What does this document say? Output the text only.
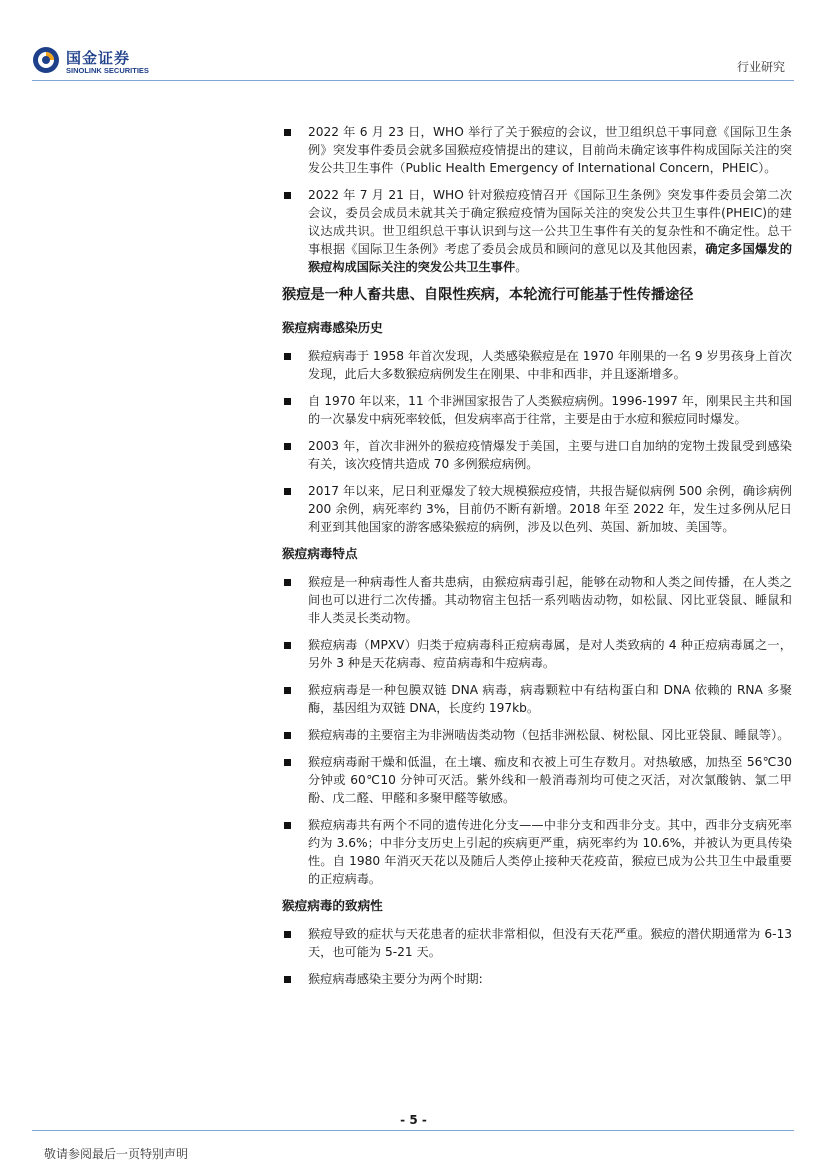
国金证券
SINOLINK SECURITIES	行业研究
2022 年 6 月 23 日，WHO 举行了关于猴痘的会议，世卫组织总干事同意《国际卫生条例》突发事件委员会就多国猴痘疫情提出的建议，目前尚未确定该事件构成国际关注的突发公共卫生事件（Public Health Emergency of International Concern，PHEIC）。
2022 年 7 月 21 日，WHO 针对猴痘疫情召开《国际卫生条例》突发事件委员会第二次会议，委员会成员未就其关于确定猴痘疫情为国际关注的突发公共卫生事件(PHEIC)的建议达成共识。世卫组织总干事认识到与这一公共卫生事件有关的复杂性和不确定性。总干事根据《国际卫生条例》考虑了委员会成员和顾问的意见以及其他因素，确定多国爆发的猴痘构成国际关注的突发公共卫生事件。
猴痘是一种人畜共患、自限性疾病，本轮流行可能基于性传播途径
猴痘病毒感染历史
猴痘病毒于 1958 年首次发现，人类感染猴痘是在 1970 年刚果的一名 9 岁男孩身上首次发现，此后大多数猴痘病例发生在刚果、中非和西非，并且逐渐增多。
自 1970 年以来，11 个非洲国家报告了人类猴痘病例。1996-1997 年，刚果民主共和国的一次暴发中病死率较低，但发病率高于往常，主要是由于水痘和猴痘同时爆发。
2003 年，首次非洲外的猴痘疫情爆发于美国，主要与进口自加纳的宠物土拨鼠受到感染有关，该次疫情共造成 70 多例猴痘病例。
2017 年以来，尼日利亚爆发了较大规模猴痘疫情，共报告疑似病例 500 余例，确诊病例 200 余例，病死率约 3%，目前仍不断有新增。2018 年至 2022 年，发生过多例从尼日利亚到其他国家的游客感染猴痘的病例，涉及以色列、英国、新加坡、美国等。
猴痘病毒特点
猴痘是一种病毒性人畜共患病，由猴痘病毒引起，能够在动物和人类之间传播，在人类之间也可以进行二次传播。其动物宿主包括一系列啮齿动物，如松鼠、冈比亚袋鼠、睡鼠和非人类灵长类动物。
猴痘病毒（MPXV）归类于痘病毒科正痘病毒属，是对人类致病的 4 种正痘病毒属之一，另外 3 种是天花病毒、痘苗病毒和牛痘病毒。
猴痘病毒是一种包膜双链 DNA 病毒，病毒颗粒中有结构蛋白和 DNA 依赖的 RNA 多聚酶，基因组为双链 DNA，长度约 197kb。
猴痘病毒的主要宿主为非洲啮齿类动物（包括非洲松鼠、树松鼠、冈比亚袋鼠、睡鼠等）。
猴痘病毒耐干燥和低温，在土壤、痂皮和衣被上可生存数月。对热敏感，加热至 56℃30 分钟或 60℃10 分钟可灭活。紫外线和一般消毒剂均可使之灭活，对次氯酸钠、氯二甲酚、戊二醛、甲醛和多聚甲醛等敏感。
猴痘病毒共有两个不同的遗传进化分支——中非分支和西非分支。其中，西非分支病死率约为 3.6%；中非分支历史上引起的疾病更严重，病死率约为 10.6%，并被认为更具传染性。自 1980 年消灭天花以及随后人类停止接种天花疫苗，猴痘已成为公共卫生中最重要的正痘病毒。
猴痘病毒的致病性
猴痘导致的症状与天花患者的症状非常相似，但没有天花严重。猴痘的潜伏期通常为 6-13 天，也可能为 5-21 天。
猴痘病毒感染主要分为两个时期:
- 5 -
敬请参阅最后一页特别声明
